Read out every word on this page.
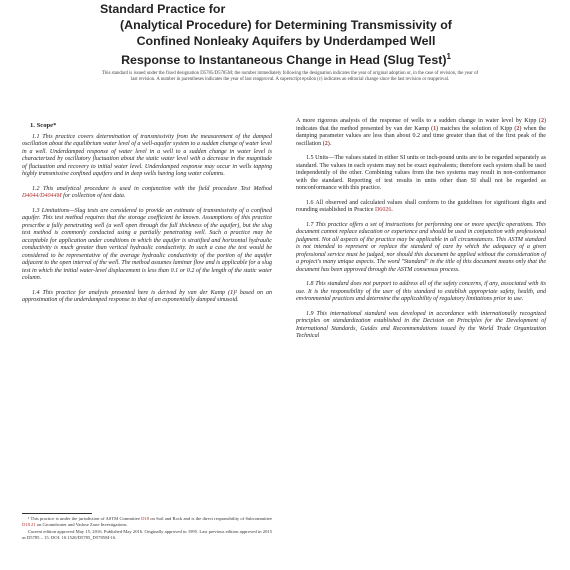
Standard Practice for
(Analytical Procedure) for Determining Transmissivity of
Confined Nonleaky Aquifers by Underdamped Well
Response to Instantaneous Change in Head (Slug Test)$^1$
This standard is issued under the fixed designation D5785/D5785M; the number immediately following the designation indicates the year of original adoption or, in the case of revision, the year of last revision. A number in parentheses indicates the year of last reapproval. A superscript epsilon (ε) indicates an editorial change since the last revision or reapproval.
1. Scope*

1.1 This practice covers determination of transmissivity from the measurement of the damped oscillation about the equilibrium water level of a well-aquifer system to a sudden change of water level in a well. Underdamped response of water level in a well to a sudden change in water level is characterized by oscillatory fluctuation about the static water level with a decrease in the magnitude of fluctuation and recovery to initial water level. Underdamped response may occur in wells tapping highly transmissive confined aquifers and in deep wells having long water columns.

1.2 This analytical procedure is used in conjunction with the field procedure Test Method D4044/D4044M for collection of test data.

1.3 Limitations—Slug tests are considered to provide an estimate of transmissivity of a confined aquifer. This test method requires that the storage coefficient be known. Assumptions of this practice prescribe a fully penetrating well (a well open through the full thickness of the aquifer), but the slug test method is commonly conducted using a partially penetrating well. Such a practice may be acceptable for application under conditions in which the aquifer is stratified and horizontal hydraulic conductivity is much greater than vertical hydraulic conductivity. In such a case the test would be considered to be representative of the average hydraulic conductivity of the portion of the aquifer adjacent to the open interval of the well. The method assumes laminar flow and is applicable for a slug test in which the initial water-level displacement is less than 0.1 or 0.2 of the length of the static water column.

1.4 This practice for analysis presented here is derived by van der Kamp (1)² based on an approximation of the underdamped response to that of an exponentially damped sinusoid.

A more rigorous analysis of the response of wells to a sudden change in water level by Kipp (2) indicates that the method presented by van der Kamp (1) matches the solution of Kipp (2) when the damping parameter values are less than about 0.2 and time greater than that of the first peak of the oscillation (2).

1.5 Units—The values stated in either SI units or inch-pound units are to be regarded separately as standard. The values in each system may not be exact equivalents; therefore each system shall be used independently of the other. Combining values from the two systems may result in non-conformance with the standard. Reporting of test results in units other than SI shall not be regarded as nonconformance with this practice.

1.6 All observed and calculated values shall conform to the guidelines for significant digits and rounding established in Practice D6026.

1.7 This practice offers a set of instructions for performing one or more specific operations. This document cannot replace education or experience and should be used in conjunction with professional judgment. Not all aspects of the practice may be applicable in all circumstances. This ASTM standard is not intended to represent or replace the standard of care by which the adequacy of a given professional service must be judged, nor should this document be applied without the consideration of a project's many unique aspects. The word "Standard" in the title of this document means only that the document has been approved through the ASTM consensus process.

1.8 This standard does not purport to address all of the safety concerns, if any, associated with its use. It is the responsibility of the user of this standard to establish appropriate safety, health, and environmental practices and determine the applicability of regulatory limitations prior to use.

1.9 This international standard was developed in accordance with internationally recognized principles on standardization established in the Decision on Principles for the Development of International Standards, Guides and Recommendations issued by the World Trade Organization Technical

¹ This practice is under the jurisdiction of ASTM Committee D18 on Soil and Rock and is the direct responsibility of Subcommittee D18.21 on Groundwater and Vadose Zone Investigations.

Current edition approved May 15, 2016. Published May 2016. Originally approved in 1995. Last previous edition approved in 2015 as D5785 – 15. DOI: 10.1520/D5785_D5785M-16.
